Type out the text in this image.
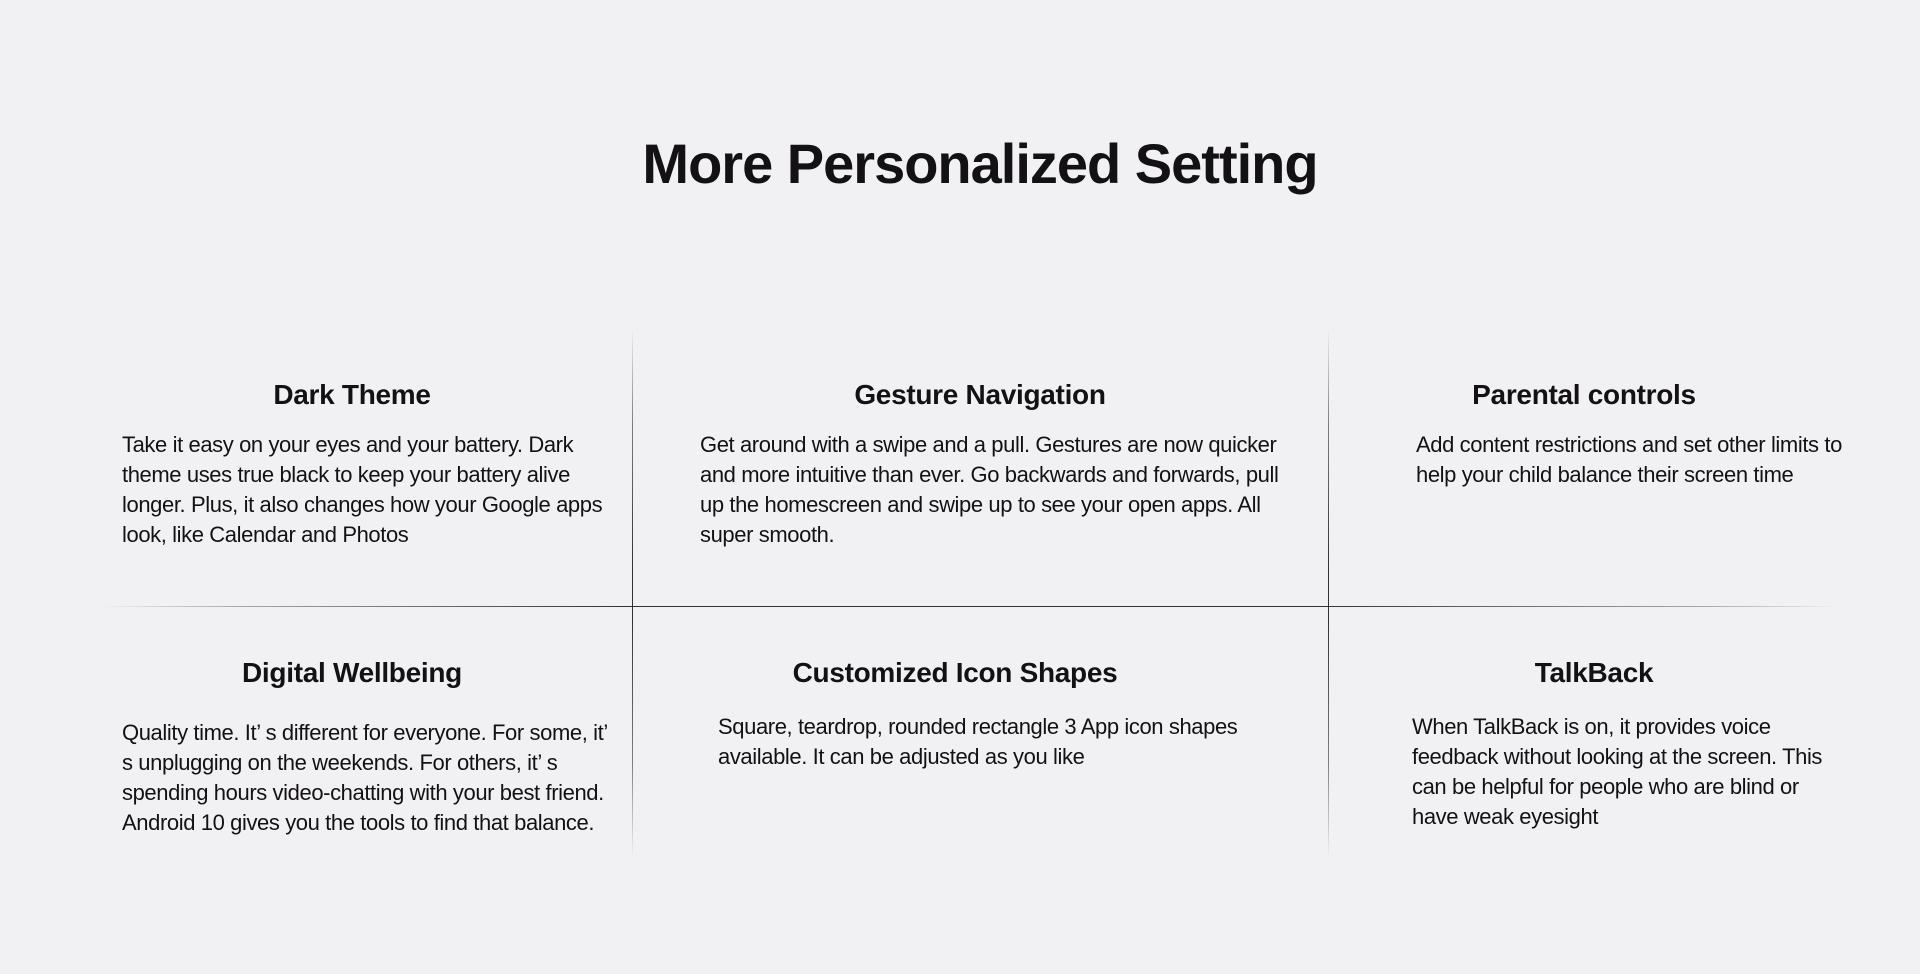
More Personalized Setting
Dark Theme

Take it easy on your eyes and your battery. Dark theme uses true black to keep your battery alive longer. Plus, it also changes how your Google apps look, like Calendar and Photos

Gesture Navigation

Get around with a swipe and a pull. Gestures are now quicker and more intuitive than ever. Go backwards and forwards, pull up the homescreen and swipe up to see your open apps. All super smooth.

Parental controls

Add content restrictions and set other limits to help your child balance their screen time

Digital Wellbeing

Quality time. It’ s different for everyone. For some, it’ s unplugging on the weekends. For others, it’ s spending hours video-chatting with your best friend. Android 10 gives you the tools to find that balance.

Customized Icon Shapes

Square, teardrop, rounded rectangle 3 App icon shapes available. It can be adjusted as you like

TalkBack

When TalkBack is on, it provides voice feedback without looking at the screen. This can be helpful for people who are blind or have weak eyesight
